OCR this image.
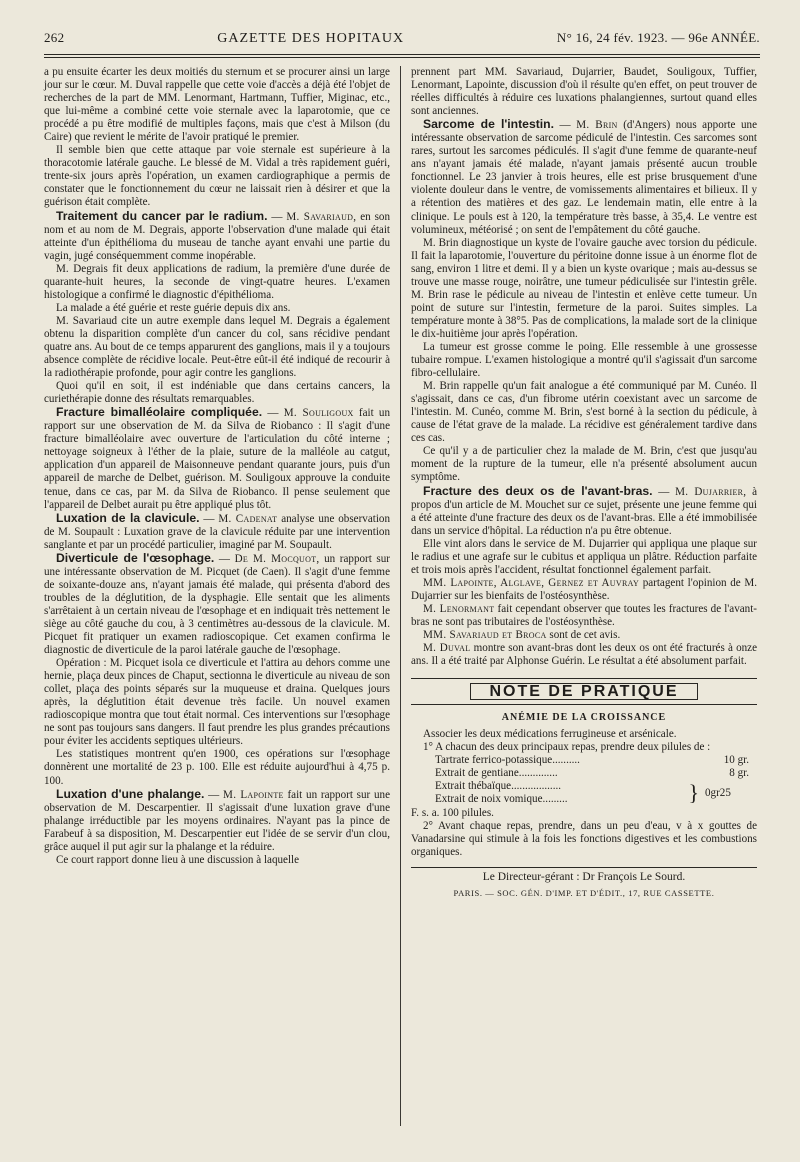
262	GAZETTE DES HOPITAUX	N° 16, 24 fév. 1923. — 96e ANNÉE.

a pu ensuite écarter les deux moitiés du sternum et se procurer ainsi un large jour sur le cœur. M. Duval rappelle que cette voie d'accès a déjà été l'objet de recherches de la part de MM. Lenormant, Hartmann, Tuffier, Miginac, etc., que lui-même a combiné cette voie sternale avec la laparotomie, que ce procédé a pu être modifié de multiples façons, mais que c'est à Milson (du Caire) que revient le mérite de l'avoir pratiqué le premier.

Il semble bien que cette attaque par voie sternale est supérieure à la thoracotomie latérale gauche. Le blessé de M. Vidal a très rapidement guéri, trente-six jours après l'opération, un examen cardiographique a permis de constater que le fonctionnement du cœur ne laissait rien à désirer et que la guérison était complète.

Traitement du cancer par le radium. — M. Savariaud, en son nom et au nom de M. Degrais, apporte l'observation d'une malade qui était atteinte d'un épithélioma du museau de tanche ayant envahi une partie du vagin, jugé conséquemment comme inopérable.

M. Degrais fit deux applications de radium, la première d'une durée de quarante-huit heures, la seconde de vingt-quatre heures. L'examen histologique a confirmé le diagnostic d'épithélioma.

La malade a été guérie et reste guérie depuis dix ans.

M. Savariaud cite un autre exemple dans lequel M. Degrais a également obtenu la disparition complète d'un cancer du col, sans récidive pendant quatre ans. Au bout de ce temps apparurent des ganglions, mais il y a toujours absence complète de récidive locale. Peut-être eût-il été indiqué de recourir à la radiothérapie profonde, pour agir contre les ganglions.

Quoi qu'il en soit, il est indéniable que dans certains cancers, la curiethérapie donne des résultats remarquables.

Fracture bimalléolaire compliquée. — M. Souligoux fait un rapport sur une observation de M. da Silva de Riobanco : Il s'agit d'une fracture bimalléolaire avec ouverture de l'articulation du côté interne ; nettoyage soigneux à l'éther de la plaie, suture de la malléole au catgut, application d'un appareil de Maisonneuve pendant quarante jours, puis d'un appareil de marche de Delbet, guérison. M. Souligoux approuve la conduite tenue, dans ce cas, par M. da Silva de Riobanco. Il pense seulement que l'appareil de Delbet aurait pu être appliqué plus tôt.

Luxation de la clavicule. — M. Cadenat analyse une observation de M. Soupault : Luxation grave de la clavicule réduite par une intervention sanglante et par un procédé particulier, imaginé par M. Soupault.

Diverticule de l'œsophage. — De M. Mocquot, un rapport sur une intéressante observation de M. Picquet (de Caen). Il s'agit d'une femme de soixante-douze ans, n'ayant jamais été malade, qui présenta d'abord des troubles de la déglutition, de la dysphagie. Elle sentait que les aliments s'arrêtaient à un certain niveau de l'œsophage et en indiquait très nettement le siège au côté gauche du cou, à 3 centimètres au-dessous de la clavicule. M. Picquet fit pratiquer un examen radioscopique. Cet examen confirma le diagnostic de diverticule de la paroi latérale gauche de l'œsophage.

Opération : M. Picquet isola ce diverticule et l'attira au dehors comme une hernie, plaça deux pinces de Chaput, sectionna le diverticule au niveau de son collet, plaça des points séparés sur la muqueuse et draina. Quelques jours après, la déglutition était devenue très facile. Un nouvel examen radioscopique montra que tout était normal. Ces interventions sur l'œsophage ne sont pas toujours sans dangers. Il faut prendre les plus grandes précautions pour éviter les accidents septiques ultérieurs.

Les statistiques montrent qu'en 1900, ces opérations sur l'œsophage donnèrent une mortalité de 23 p. 100. Elle est réduite aujourd'hui à 4,75 p. 100.

Luxation d'une phalange. — M. Lapointe fait un rapport sur une observation de M. Descarpentier. Il s'agissait d'une luxation grave d'une phalange irréductible par les moyens ordinaires. N'ayant pas la pince de Farabeuf à sa disposition, M. Descarpentier eut l'idée de se servir d'un clou, grâce auquel il put agir sur la phalange et la réduire.

Ce court rapport donne lieu à une discussion à laquelle

prennent part MM. Savariaud, Dujarrier, Baudet, Souligoux, Tuffier, Lenormant, Lapointe, discussion d'où il résulte qu'en effet, on peut trouver de réelles difficultés à réduire ces luxations phalangiennes, surtout quand elles sont anciennes.

Sarcome de l'intestin. — M. Brin (d'Angers) nous apporte une intéressante observation de sarcome pédiculé de l'intestin. Ces sarcomes sont rares, surtout les sarcomes pédiculés. Il s'agit d'une femme de quarante-neuf ans n'ayant jamais été malade, n'ayant jamais présenté aucun trouble fonctionnel. Le 23 janvier à trois heures, elle est prise brusquement d'une violente douleur dans le ventre, de vomissements alimentaires et bilieux. Il y a rétention des matières et des gaz. Le lendemain matin, elle entre à la clinique. Le pouls est à 120, la température très basse, à 35,4. Le ventre est volumineux, météorisé ; on sent de l'empâtement du côté gauche.

M. Brin diagnostique un kyste de l'ovaire gauche avec torsion du pédicule. Il fait la laparotomie, l'ouverture du péritoine donne issue à un énorme flot de sang, environ 1 litre et demi. Il y a bien un kyste ovarique ; mais au-dessus se trouve une masse rouge, noirâtre, une tumeur pédiculisée sur l'intestin grêle. M. Brin rase le pédicule au niveau de l'intestin et enlève cette tumeur. Un point de suture sur l'intestin, fermeture de la paroi. Suites simples. La température monte à 38°5. Pas de complications, la malade sort de la clinique le dix-huitième jour après l'opération.

La tumeur est grosse comme le poing. Elle ressemble à une grossesse tubaire rompue. L'examen histologique a montré qu'il s'agissait d'un sarcome fibro-cellulaire.

M. Brin rappelle qu'un fait analogue a été communiqué par M. Cunéo. Il s'agissait, dans ce cas, d'un fibrome utérin coexistant avec un sarcome de l'intestin. M. Cunéo, comme M. Brin, s'est borné à la section du pédicule, à cause de l'état grave de la malade. La récidive est généralement tardive dans ces cas.

Ce qu'il y a de particulier chez la malade de M. Brin, c'est que jusqu'au moment de la rupture de la tumeur, elle n'a présenté absolument aucun symptôme.

Fracture des deux os de l'avant-bras. — M. Dujarrier, à propos d'un article de M. Mouchet sur ce sujet, présente une jeune femme qui a été atteinte d'une fracture des deux os de l'avant-bras. Elle a été immobilisée dans un service d'hôpital. La réduction n'a pu être obtenue.

Elle vint alors dans le service de M. Dujarrier qui appliqua une plaque sur le radius et une agrafe sur le cubitus et appliqua un plâtre. Réduction parfaite et trois mois après l'accident, résultat fonctionnel également parfait.

MM. Lapointe, Alglave, Gernez et Auvray partagent l'opinion de M. Dujarrier sur les bienfaits de l'ostéosynthèse.

M. Lenormant fait cependant observer que toutes les fractures de l'avant-bras ne sont pas tributaires de l'ostéosynthèse.

MM. Savariaud et Broca sont de cet avis.

M. Duval montre son avant-bras dont les deux os ont été fracturés à onze ans. Il a été traité par Alphonse Guérin. Le résultat a été absolument parfait.

NOTE DE PRATIQUE
ANÉMIE DE LA CROISSANCE

Associer les deux médications ferrugineuse et arsénicale.

1° A chacun des deux principaux repas, prendre deux pilules de :

Tartrate ferrico-potassique ..........	10 gr.
Extrait de gentiane ..............	8 gr.
Extrait thébaïque ..................
Extrait de noix vomique .........	} 0gr25

F. s. a. 100 pilules.

2° Avant chaque repas, prendre, dans un peu d'eau, v à x gouttes de Vanadarsine qui stimule à la fois les fonctions digestives et les combustions organiques.

Le Directeur-gérant : Dr François Le Sourd.
PARIS. — SOC. GÉN. D'IMP. ET D'ÉDIT., 17, RUE CASSETTE.
